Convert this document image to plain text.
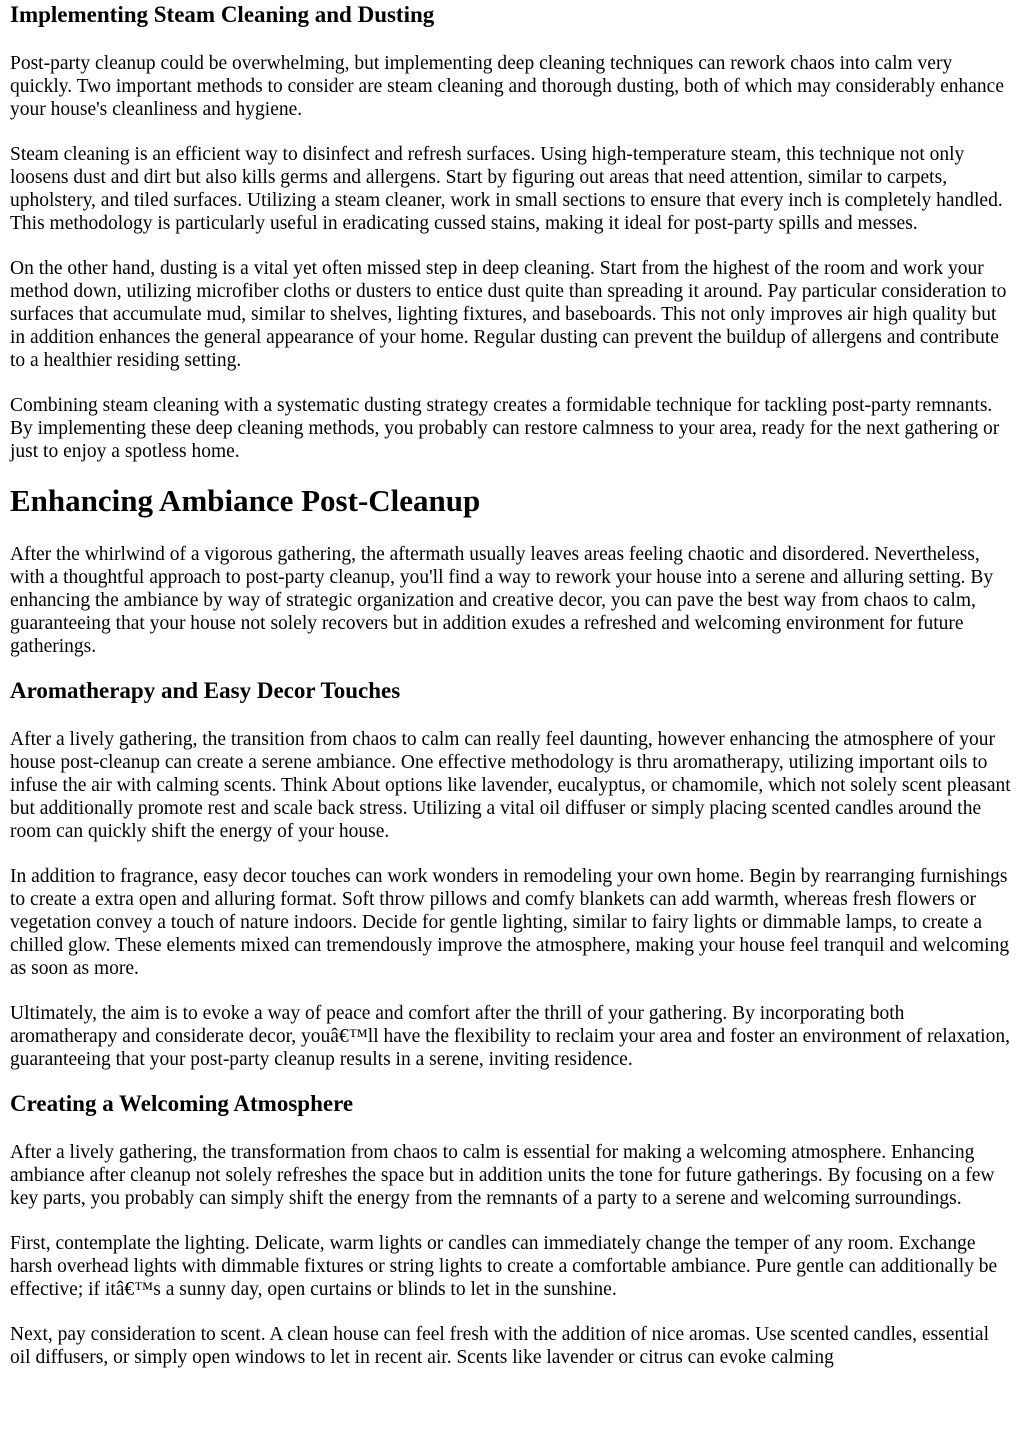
Implementing Steam Cleaning and Dusting

Post-party cleanup could be overwhelming, but implementing deep cleaning techniques can rework chaos into calm very quickly. Two important methods to consider are steam cleaning and thorough dusting, both of which may considerably enhance your house's cleanliness and hygiene.

Steam cleaning is an efficient way to disinfect and refresh surfaces. Using high-temperature steam, this technique not only loosens dust and dirt but also kills germs and allergens. Start by figuring out areas that need attention, similar to carpets, upholstery, and tiled surfaces. Utilizing a steam cleaner, work in small sections to ensure that every inch is completely handled. This methodology is particularly useful in eradicating cussed stains, making it ideal for post-party spills and messes.

On the other hand, dusting is a vital yet often missed step in deep cleaning. Start from the highest of the room and work your method down, utilizing microfiber cloths or dusters to entice dust quite than spreading it around. Pay particular consideration to surfaces that accumulate mud, similar to shelves, lighting fixtures, and baseboards. This not only improves air high quality but in addition enhances the general appearance of your home. Regular dusting can prevent the buildup of allergens and contribute to a healthier residing setting.

Combining steam cleaning with a systematic dusting strategy creates a formidable technique for tackling post-party remnants. By implementing these deep cleaning methods, you probably can restore calmness to your area, ready for the next gathering or just to enjoy a spotless home.

Enhancing Ambiance Post-Cleanup

After the whirlwind of a vigorous gathering, the aftermath usually leaves areas feeling chaotic and disordered. Nevertheless, with a thoughtful approach to post-party cleanup, you'll find a way to rework your house into a serene and alluring setting. By enhancing the ambiance by way of strategic organization and creative decor, you can pave the best way from chaos to calm, guaranteeing that your house not solely recovers but in addition exudes a refreshed and welcoming environment for future gatherings.

Aromatherapy and Easy Decor Touches

After a lively gathering, the transition from chaos to calm can really feel daunting, however enhancing the atmosphere of your house post-cleanup can create a serene ambiance. One effective methodology is thru aromatherapy, utilizing important oils to infuse the air with calming scents. Think About options like lavender, eucalyptus, or chamomile, which not solely scent pleasant but additionally promote rest and scale back stress. Utilizing a vital oil diffuser or simply placing scented candles around the room can quickly shift the energy of your house.

In addition to fragrance, easy decor touches can work wonders in remodeling your own home. Begin by rearranging furnishings to create a extra open and alluring format. Soft throw pillows and comfy blankets can add warmth, whereas fresh flowers or vegetation convey a touch of nature indoors. Decide for gentle lighting, similar to fairy lights or dimmable lamps, to create a chilled glow. These elements mixed can tremendously improve the atmosphere, making your house feel tranquil and welcoming as soon as more.

Ultimately, the aim is to evoke a way of peace and comfort after the thrill of your gathering. By incorporating both aromatherapy and considerate decor, youâ€™ll have the flexibility to reclaim your area and foster an environment of relaxation, guaranteeing that your post-party cleanup results in a serene, inviting residence.

Creating a Welcoming Atmosphere

After a lively gathering, the transformation from chaos to calm is essential for making a welcoming atmosphere. Enhancing ambiance after cleanup not solely refreshes the space but in addition units the tone for future gatherings. By focusing on a few key parts, you probably can simply shift the energy from the remnants of a party to a serene and welcoming surroundings.

First, contemplate the lighting. Delicate, warm lights or candles can immediately change the temper of any room. Exchange harsh overhead lights with dimmable fixtures or string lights to create a comfortable ambiance. Pure gentle can additionally be effective; if itâ€™s a sunny day, open curtains or blinds to let in the sunshine.

Next, pay consideration to scent. A clean house can feel fresh with the addition of nice aromas. Use scented candles, essential oil diffusers, or simply open windows to let in recent air. Scents like lavender or citrus can evoke calming
